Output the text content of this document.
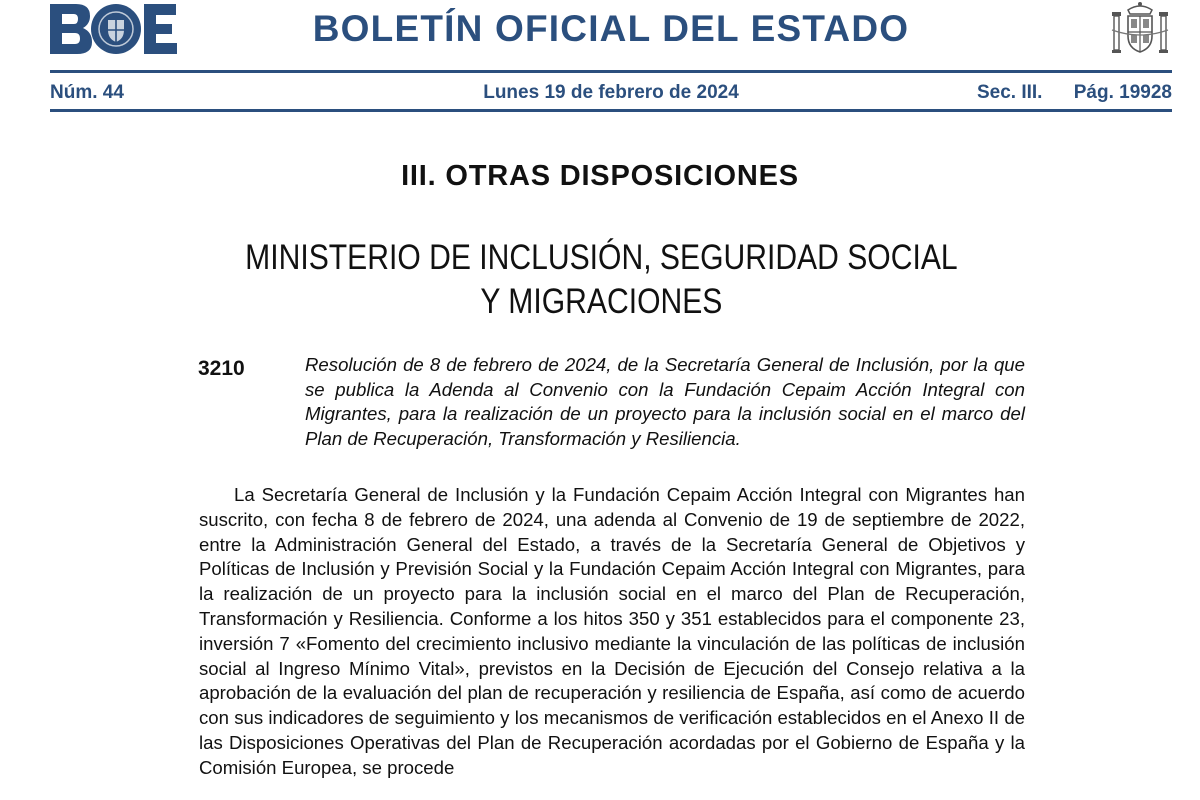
BOLETÍN OFICIAL DEL ESTADO
Núm. 44	Lunes 19 de febrero de 2024	Sec. III. Pág. 19928
III. OTRAS DISPOSICIONES
MINISTERIO DE INCLUSIÓN, SEGURIDAD SOCIAL
Y MIGRACIONES
3210	Resolución de 8 de febrero de 2024, de la Secretaría General de Inclusión, por la que se publica la Adenda al Convenio con la Fundación Cepaim Acción Integral con Migrantes, para la realización de un proyecto para la inclusión social en el marco del Plan de Recuperación, Transformación y Resiliencia.

La Secretaría General de Inclusión y la Fundación Cepaim Acción Integral con Migrantes han suscrito, con fecha 8 de febrero de 2024, una adenda al Convenio de 19 de septiembre de 2022, entre la Administración General del Estado, a través de la Secretaría General de Objetivos y Políticas de Inclusión y Previsión Social y la Fundación Cepaim Acción Integral con Migrantes, para la realización de un proyecto para la inclusión social en el marco del Plan de Recuperación, Transformación y Resiliencia. Conforme a los hitos 350 y 351 establecidos para el componente 23, inversión 7 «Fomento del crecimiento inclusivo mediante la vinculación de las políticas de inclusión social al Ingreso Mínimo Vital», previstos en la Decisión de Ejecución del Consejo relativa a la aprobación de la evaluación del plan de recuperación y resiliencia de España, así como de acuerdo con sus indicadores de seguimiento y los mecanismos de verificación establecidos en el Anexo II de las Disposiciones Operativas del Plan de Recuperación acordadas por el Gobierno de España y la Comisión Europea, se procede
